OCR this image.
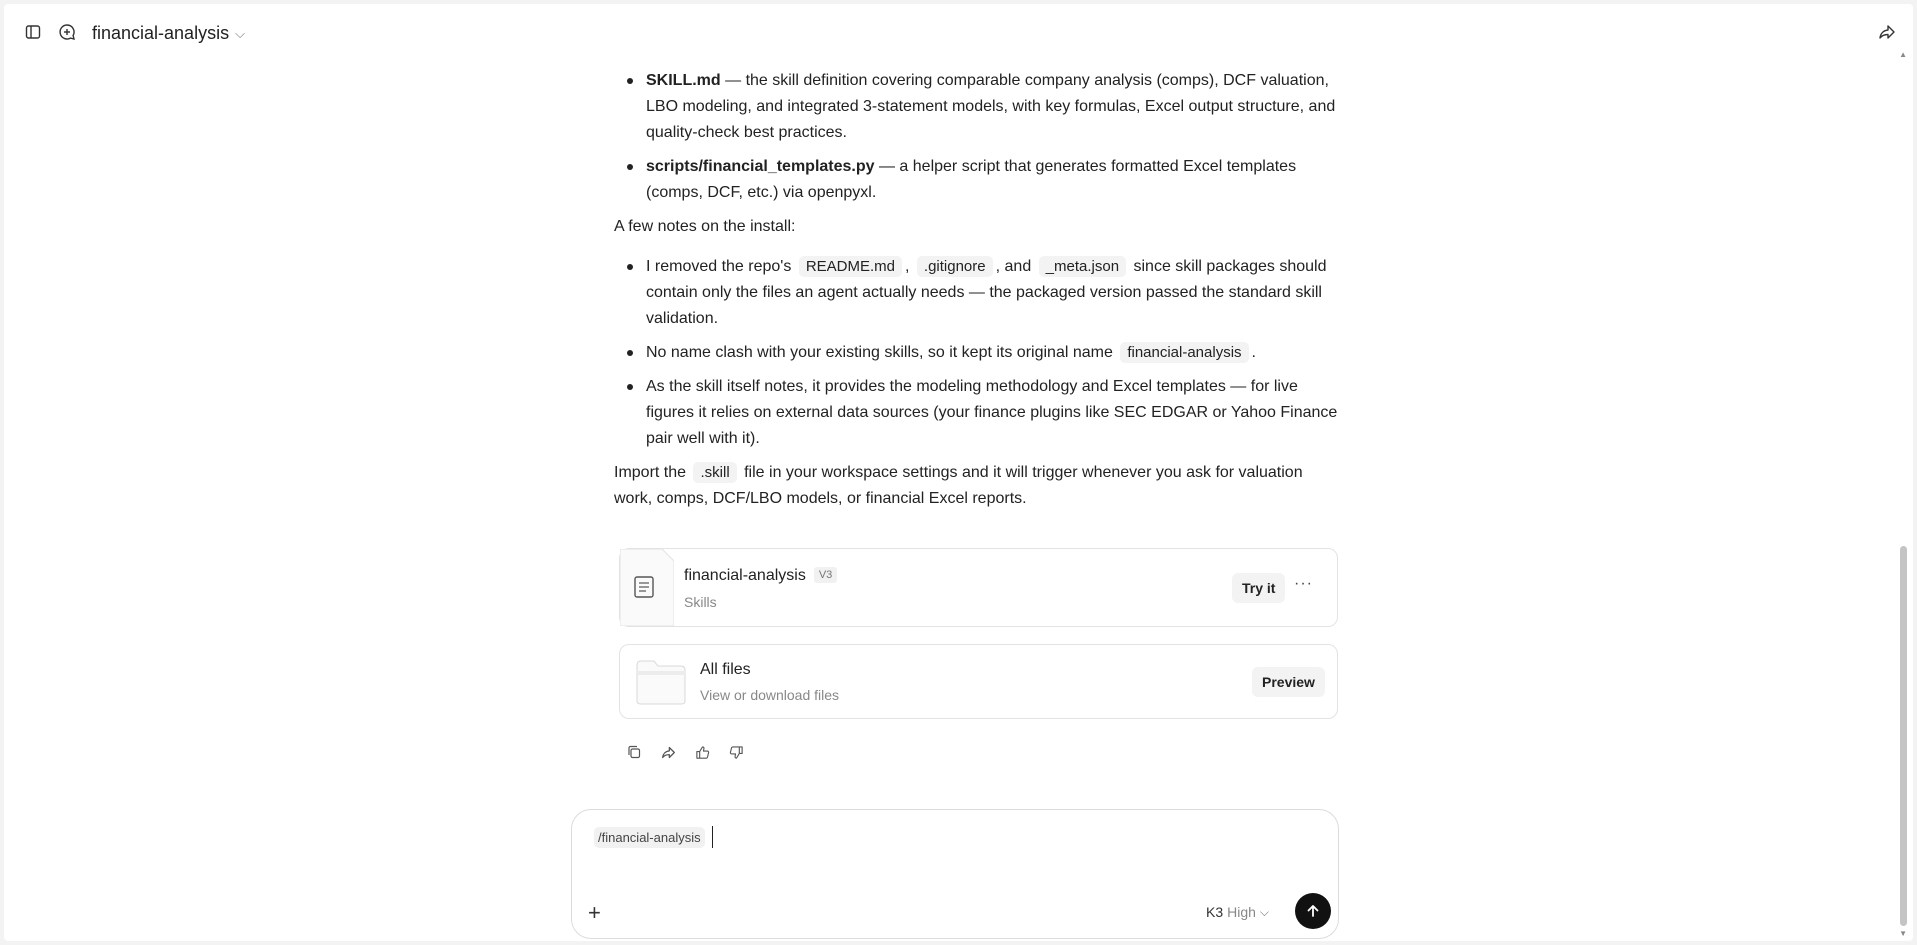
financial-analysis ⌵
SKILL.md — the skill definition covering comparable company analysis (comps), DCF valuation, LBO modeling, and integrated 3-statement models, with key formulas, Excel output structure, and quality-check best practices.
scripts/financial_templates.py — a helper script that generates formatted Excel templates (comps, DCF, etc.) via openpyxl.

A few notes on the install:

I removed the repo's README.md , .gitignore , and _meta.json since skill packages should contain only the files an agent actually needs — the packaged version passed the standard skill validation.
No name clash with your existing skills, so it kept its original name financial-analysis .
As the skill itself notes, it provides the modeling methodology and Excel templates — for live figures it relies on external data sources (your finance plugins like SEC EDGAR or Yahoo Finance pair well with it).

Import the .skill file in your workspace settings and it will trigger whenever you ask for valuation work, comps, DCF/LBO models, or financial Excel reports.

financial-analysis V3
Skills
Try it	···
All files
View or download files
Preview
/financial-analysis
+	K3 High ⌵
▲
▼
